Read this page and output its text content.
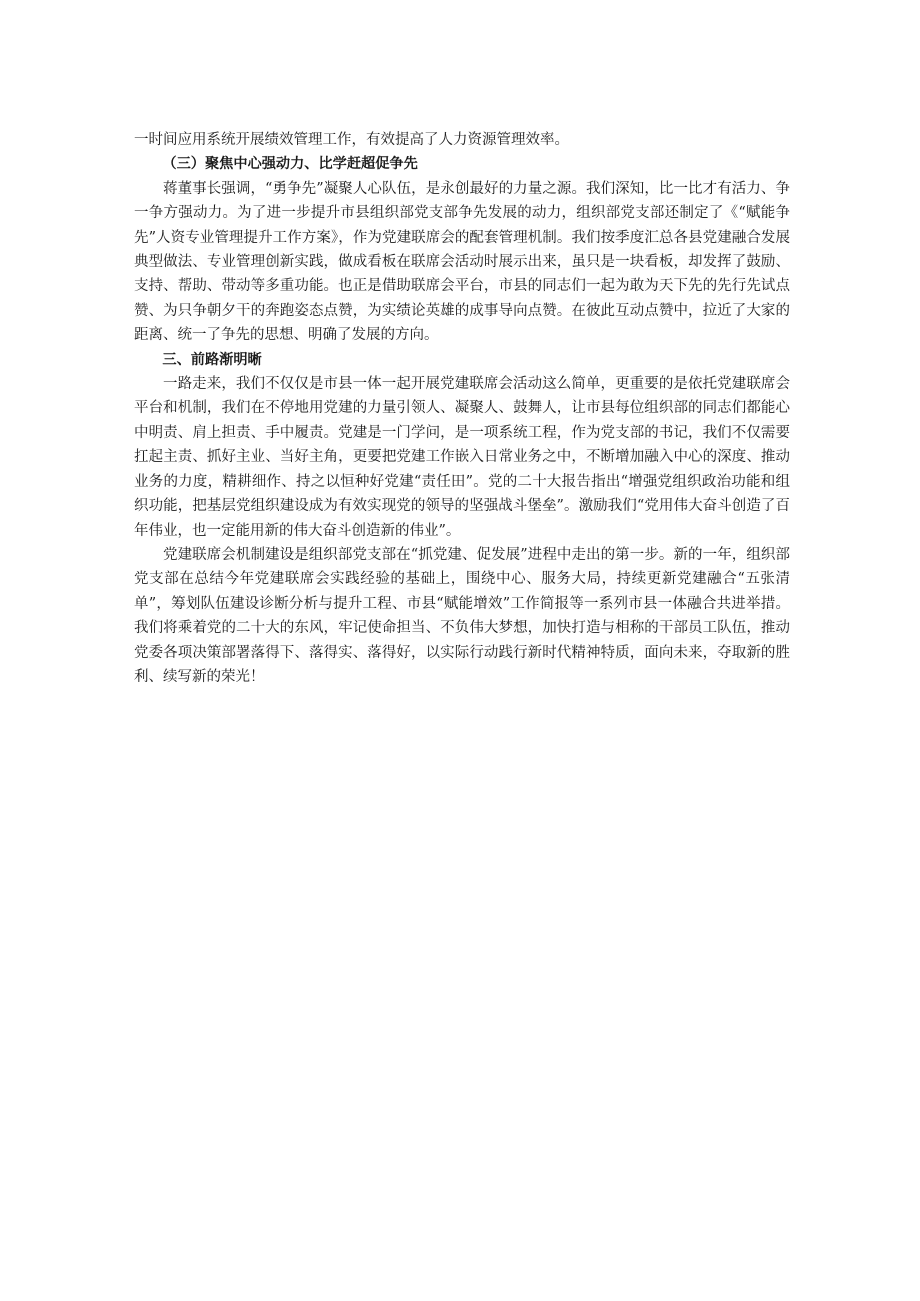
一时间应用系统开展绩效管理工作，有效提高了人力资源管理效率。

（三）聚焦中心强动力、比学赶超促争先

蒋董事长强调，“勇争先”凝聚人心队伍，是永创最好的力量之源。我们深知，比一比才有活力、争一争方强动力。为了进一步提升市县组织部党支部争先发展的动力，组织部党支部还制定了《“赋能争先”人资专业管理提升工作方案》，作为党建联席会的配套管理机制。我们按季度汇总各县党建融合发展典型做法、专业管理创新实践，做成看板在联席会活动时展示出来，虽只是一块看板，却发挥了鼓励、支持、帮助、带动等多重功能。也正是借助联席会平台，市县的同志们一起为敢为天下先的先行先试点赞、为只争朝夕干的奔跑姿态点赞，为实绩论英雄的成事导向点赞。在彼此互动点赞中，拉近了大家的距离、统一了争先的思想、明确了发展的方向。

三、前路渐明晰

一路走来，我们不仅仅是市县一体一起开展党建联席会活动这么简单，更重要的是依托党建联席会平台和机制，我们在不停地用党建的力量引领人、凝聚人、鼓舞人，让市县每位组织部的同志们都能心中明责、肩上担责、手中履责。党建是一门学问，是一项系统工程，作为党支部的书记，我们不仅需要扛起主责、抓好主业、当好主角，更要把党建工作嵌入日常业务之中，不断增加融入中心的深度、推动业务的力度，精耕细作、持之以恒种好党建“责任田”。党的二十大报告指出“增强党组织政治功能和组织功能，把基层党组织建设成为有效实现党的领导的坚强战斗堡垒”。激励我们“党用伟大奋斗创造了百年伟业，也一定能用新的伟大奋斗创造新的伟业”。

党建联席会机制建设是组织部党支部在“抓党建、促发展”进程中走出的第一步。新的一年，组织部党支部在总结今年党建联席会实践经验的基础上，围绕中心、服务大局，持续更新党建融合“五张清单”，筹划队伍建设诊断分析与提升工程、市县“赋能增效”工作简报等一系列市县一体融合共进举措。我们将乘着党的二十大的东风，牢记使命担当、不负伟大梦想，加快打造与相称的干部员工队伍，推动党委各项决策部署落得下、落得实、落得好，以实际行动践行新时代精神特质，面向未来，夺取新的胜利、续写新的荣光！
